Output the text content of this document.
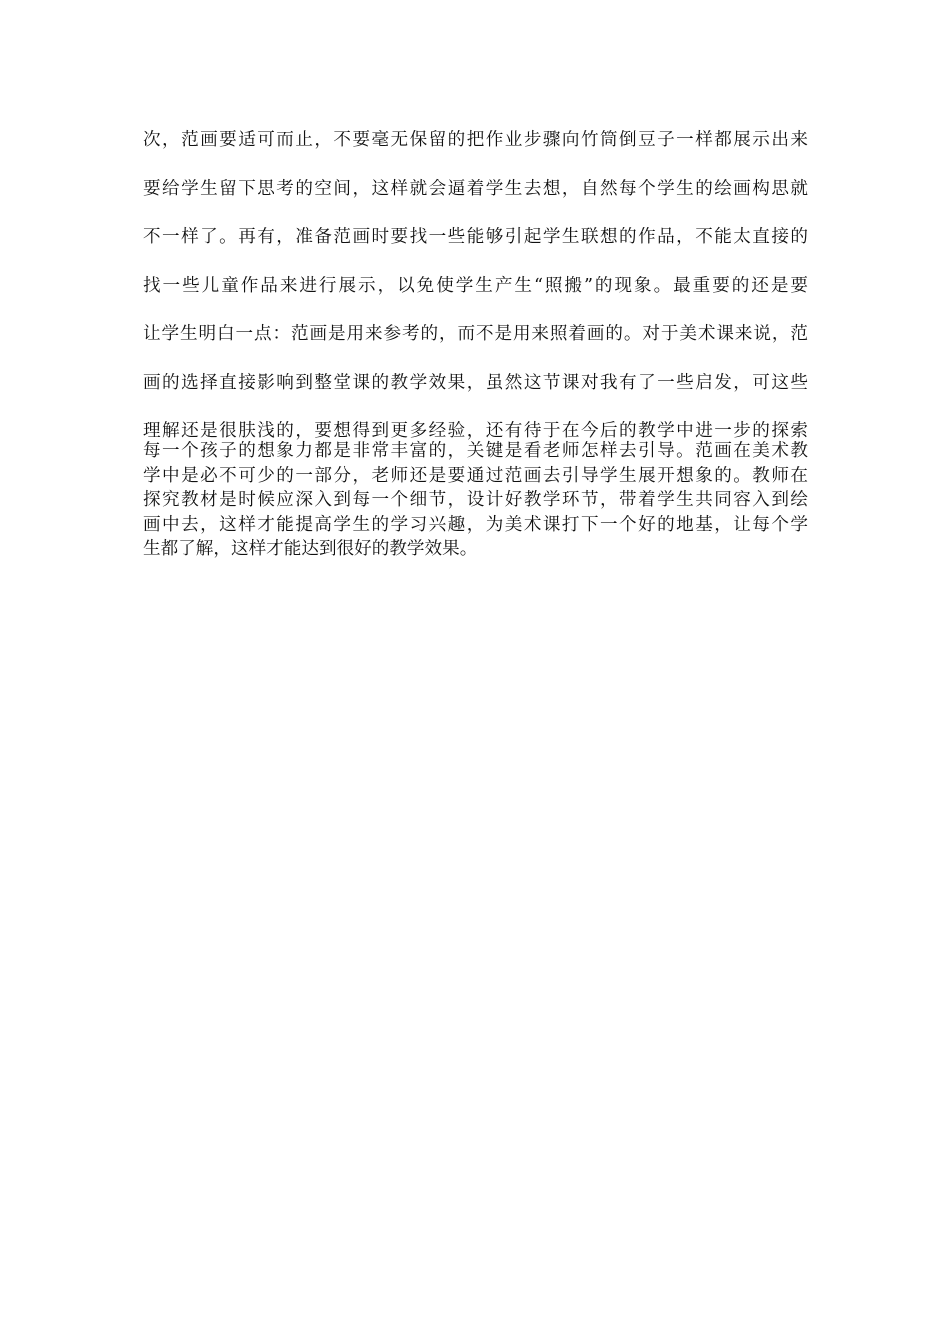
次，范画要适可而止，不要毫无保留的把作业步骤向竹筒倒豆子一样都展示出来
要给学生留下思考的空间，这样就会逼着学生去想，自然每个学生的绘画构思就
不一样了。再有，准备范画时要找一些能够引起学生联想的作品，不能太直接的
找一些儿童作品来进行展示，以免使学生产生“照搬”的现象。最重要的还是要
让学生明白一点：范画是用来参考的，而不是用来照着画的。对于美术课来说，范
画的选择直接影响到整堂课的教学效果，虽然这节课对我有了一些启发，可这些
理解还是很肤浅的，要想得到更多经验，还有待于在今后的教学中进一步的探索
每一个孩子的想象力都是非常丰富的，关键是看老师怎样去引导。范画在美术教
学中是必不可少的一部分，老师还是要通过范画去引导学生展开想象的。教师在
探究教材是时候应深入到每一个细节，设计好教学环节，带着学生共同容入到绘
画中去，这样才能提高学生的学习兴趣，为美术课打下一个好的地基，让每个学
生都了解，这样才能达到很好的教学效果。
